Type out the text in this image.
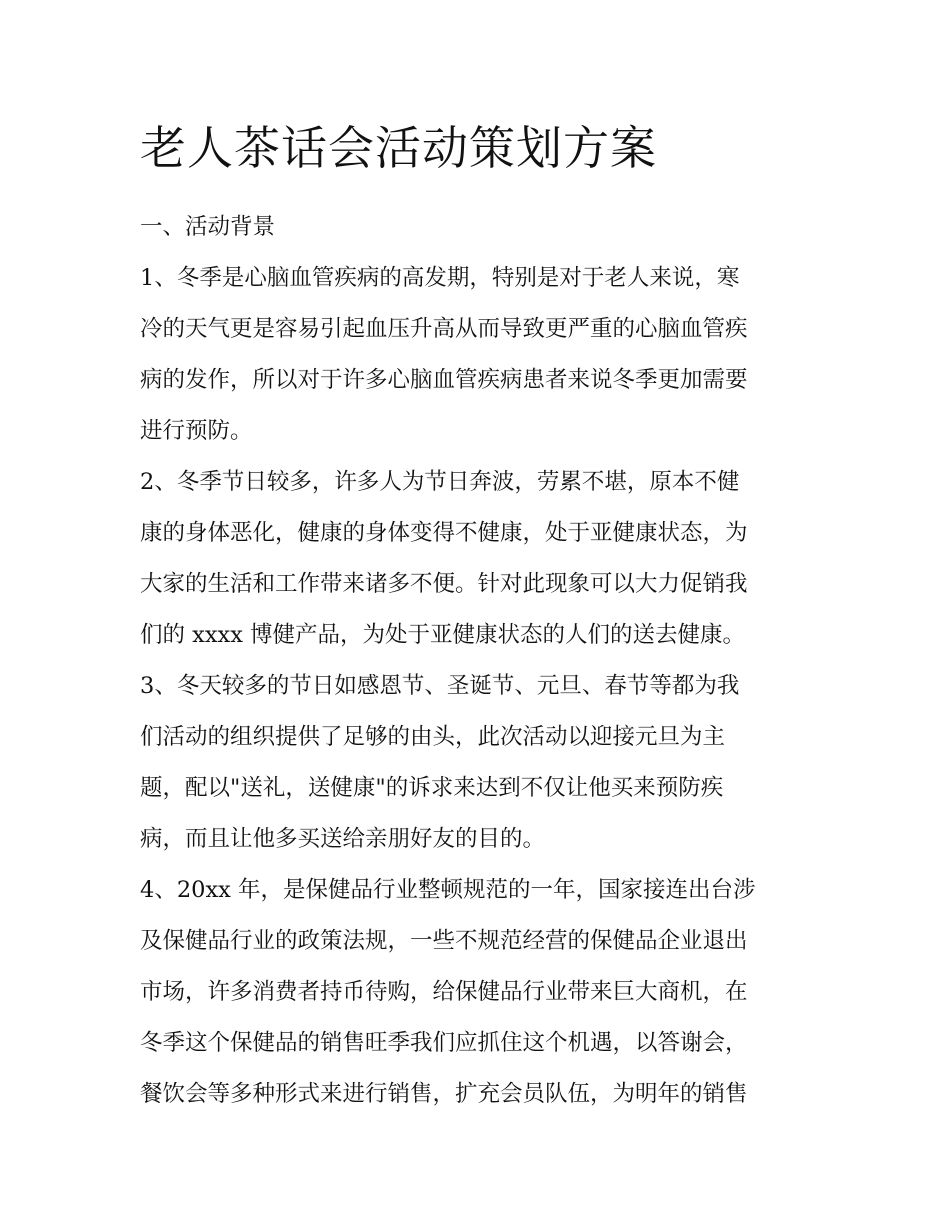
老人茶话会活动策划方案
一、活动背景
1、冬季是心脑血管疾病的高发期，特别是对于老人来说，寒
冷的天气更是容易引起血压升高从而导致更严重的心脑血管疾
病的发作，所以对于许多心脑血管疾病患者来说冬季更加需要
进行预防。
2、冬季节日较多，许多人为节日奔波，劳累不堪，原本不健
康的身体恶化，健康的身体变得不健康，处于亚健康状态，为
大家的生活和工作带来诸多不便。针对此现象可以大力促销我
们的 xxxx 博健产品，为处于亚健康状态的人们的送去健康。
3、冬天较多的节日如感恩节、圣诞节、元旦、春节等都为我
们活动的组织提供了足够的由头，此次活动以迎接元旦为主
题，配以"送礼，送健康"的诉求来达到不仅让他买来预防疾
病，而且让他多买送给亲朋好友的目的。
4、20xx 年，是保健品行业整顿规范的一年，国家接连出台涉
及保健品行业的政策法规，一些不规范经营的保健品企业退出
市场，许多消费者持币待购，给保健品行业带来巨大商机，在
冬季这个保健品的销售旺季我们应抓住这个机遇，以答谢会，
餐饮会等多种形式来进行销售，扩充会员队伍，为明年的销售
